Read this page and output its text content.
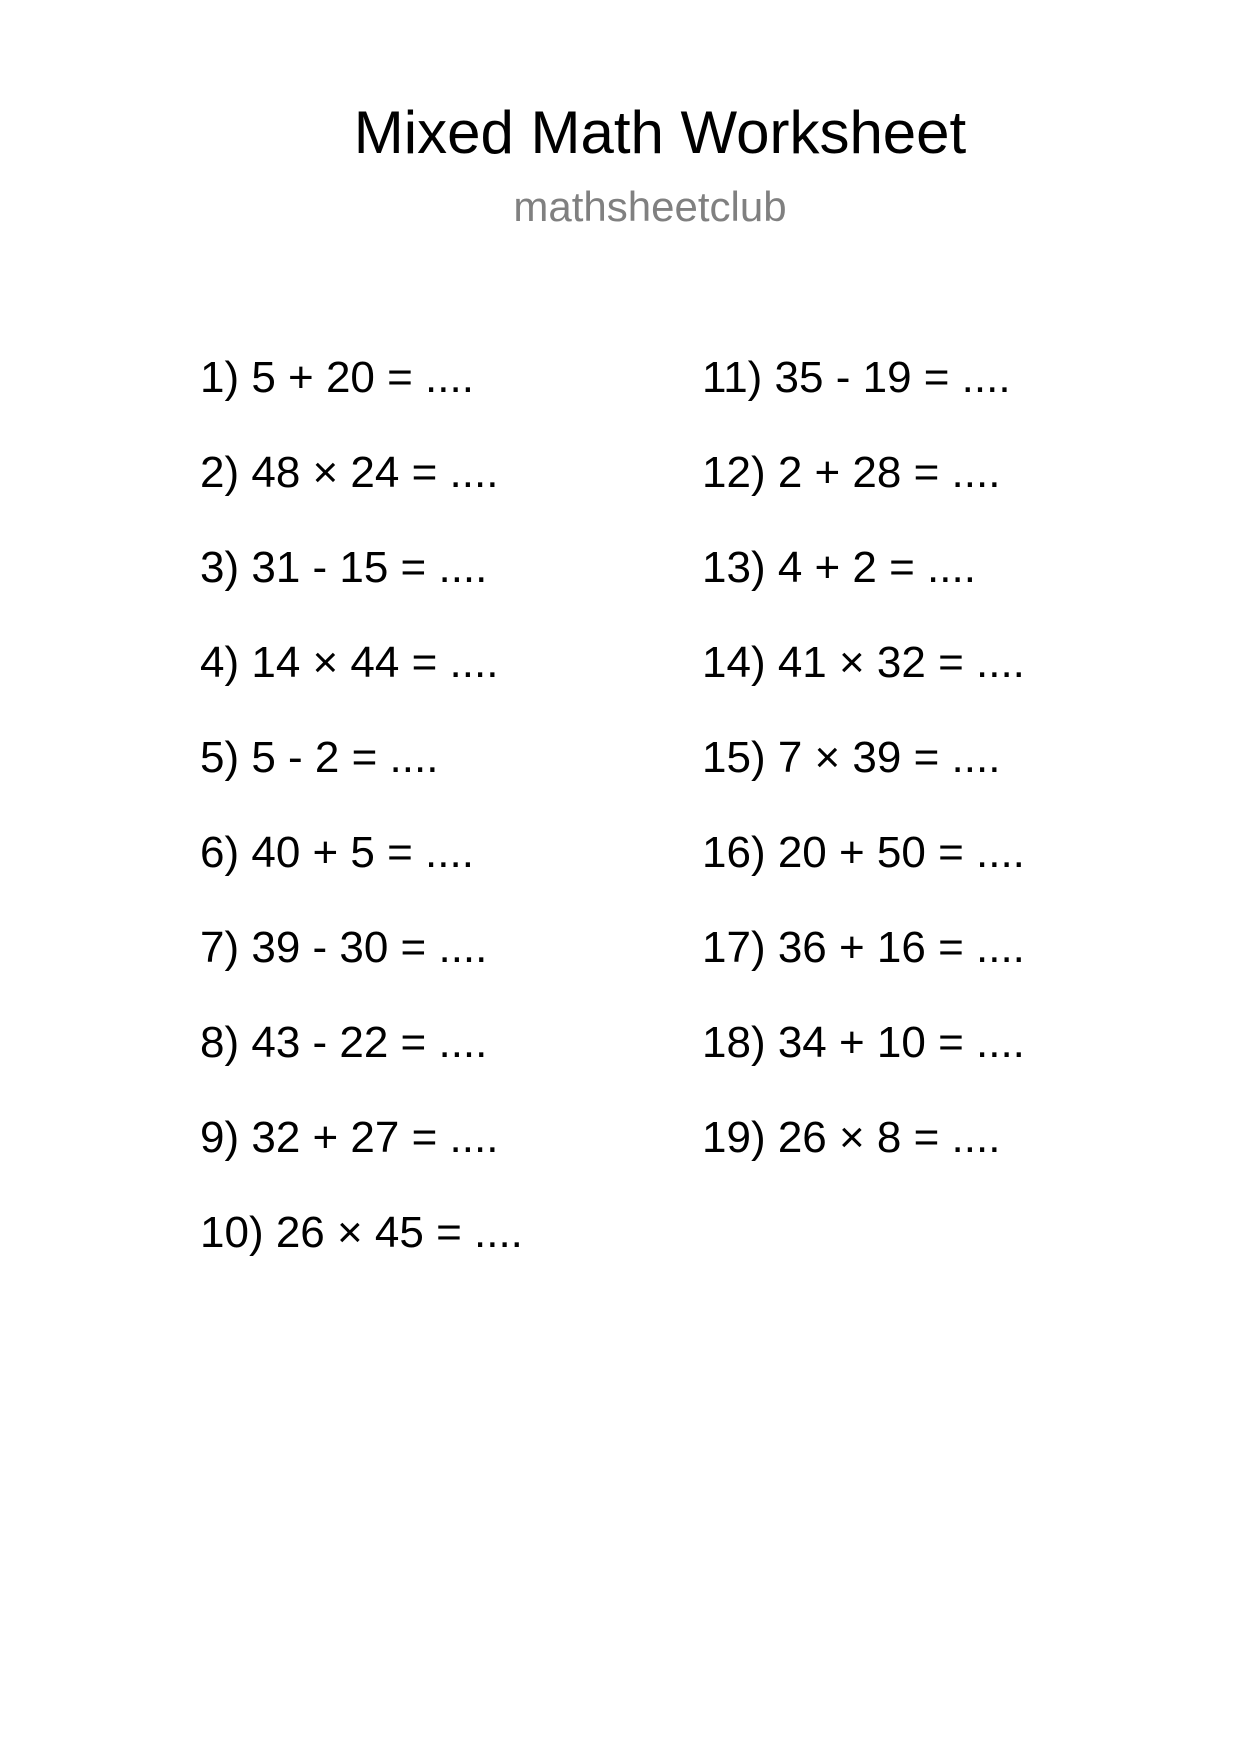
Mixed Math Worksheet
mathsheetclub
1) 5 + 20 = ....
2) 48 × 24 = ....
3) 31 - 15 = ....
4) 14 × 44 = ....
5) 5 - 2 = ....
6) 40 + 5 = ....
7) 39 - 30 = ....
8) 43 - 22 = ....
9) 32 + 27 = ....
10) 26 × 45 = ....
11) 35 - 19 = ....
12) 2 + 28 = ....
13) 4 + 2 = ....
14) 41 × 32 = ....
15) 7 × 39 = ....
16) 20 + 50 = ....
17) 36 + 16 = ....
18) 34 + 10 = ....
19) 26 × 8 = ....
